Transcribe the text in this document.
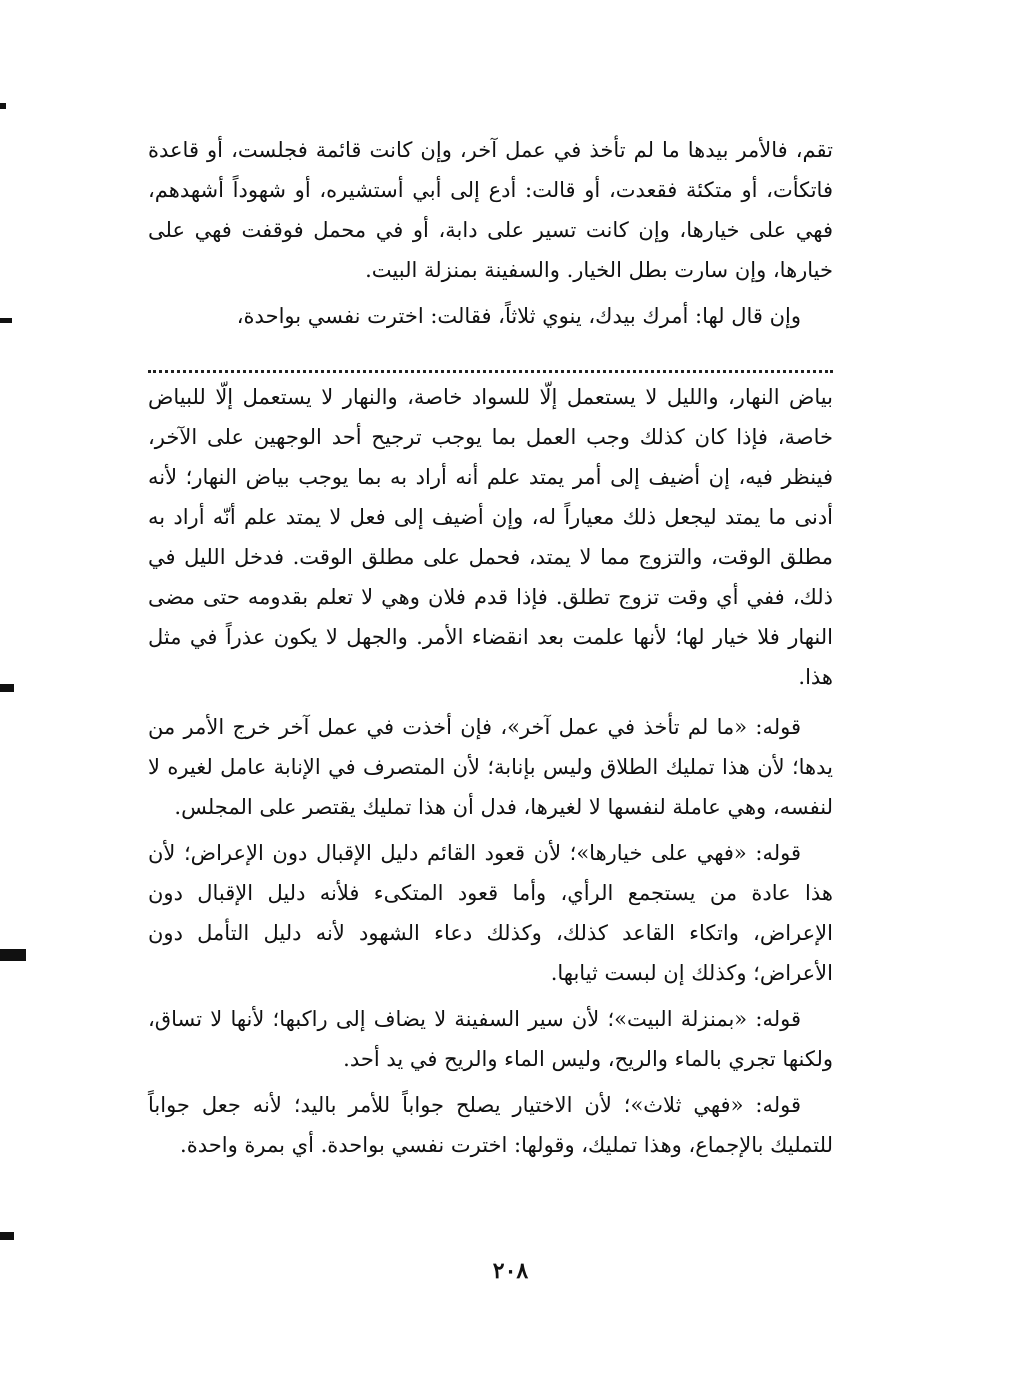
تقم، فالأمر بيدها ما لم تأخذ في عمل آخر، وإن كانت قائمة فجلست، أو قاعدة فاتكأت، أو متكئة فقعدت، أو قالت: أدع إلى أبي أستشيره، أو شهوداً أشهدهم، فهي على خيارها، وإن كانت تسير على دابة، أو في محمل فوقفت فهي على خيارها، وإن سارت بطل الخيار. والسفينة بمنزلة البيت.

وإن قال لها: أمرك بيدك، ينوي ثلاثاً، فقالت: اخترت نفسي بواحدة،

بياض النهار، والليل لا يستعمل إلّا للسواد خاصة، والنهار لا يستعمل إلّا للبياض خاصة، فإذا كان كذلك وجب العمل بما يوجب ترجيح أحد الوجهين على الآخر، فينظر فيه، إن أضيف إلى أمر يمتد علم أنه أراد به بما يوجب بياض النهار؛ لأنه أدنى ما يمتد ليجعل ذلك معياراً له، وإن أضيف إلى فعل لا يمتد علم أنّه أراد به مطلق الوقت، والتزوج مما لا يمتد، فحمل على مطلق الوقت. فدخل الليل في ذلك، ففي أي وقت تزوج تطلق. فإذا قدم فلان وهي لا تعلم بقدومه حتى مضى النهار فلا خيار لها؛ لأنها علمت بعد انقضاء الأمر. والجهل لا يكون عذراً في مثل هذا.

قوله: «ما لم تأخذ في عمل آخر»، فإن أخذت في عمل آخر خرج الأمر من يدها؛ لأن هذا تمليك الطلاق وليس بإنابة؛ لأن المتصرف في الإنابة عامل لغيره لا لنفسه، وهي عاملة لنفسها لا لغيرها، فدل أن هذا تمليك يقتصر على المجلس.

قوله: «فهي على خيارها»؛ لأن قعود القائم دليل الإقبال دون الإعراض؛ لأن هذا عادة من يستجمع الرأي، وأما قعود المتكىء فلأنه دليل الإقبال دون الإعراض، واتكاء القاعد كذلك، وكذلك دعاء الشهود لأنه دليل التأمل دون الأعراض؛ وكذلك إن لبست ثيابها.

قوله: «بمنزلة البيت»؛ لأن سير السفينة لا يضاف إلى راكبها؛ لأنها لا تساق، ولكنها تجري بالماء والريح، وليس الماء والريح في يد أحد.

قوله: «فهي ثلاث»؛ لأن الاختيار يصلح جواباً للأمر باليد؛ لأنه جعل جواباً للتمليك بالإجماع، وهذا تمليك، وقولها: اخترت نفسي بواحدة. أي بمرة واحدة.

٢٠٨
